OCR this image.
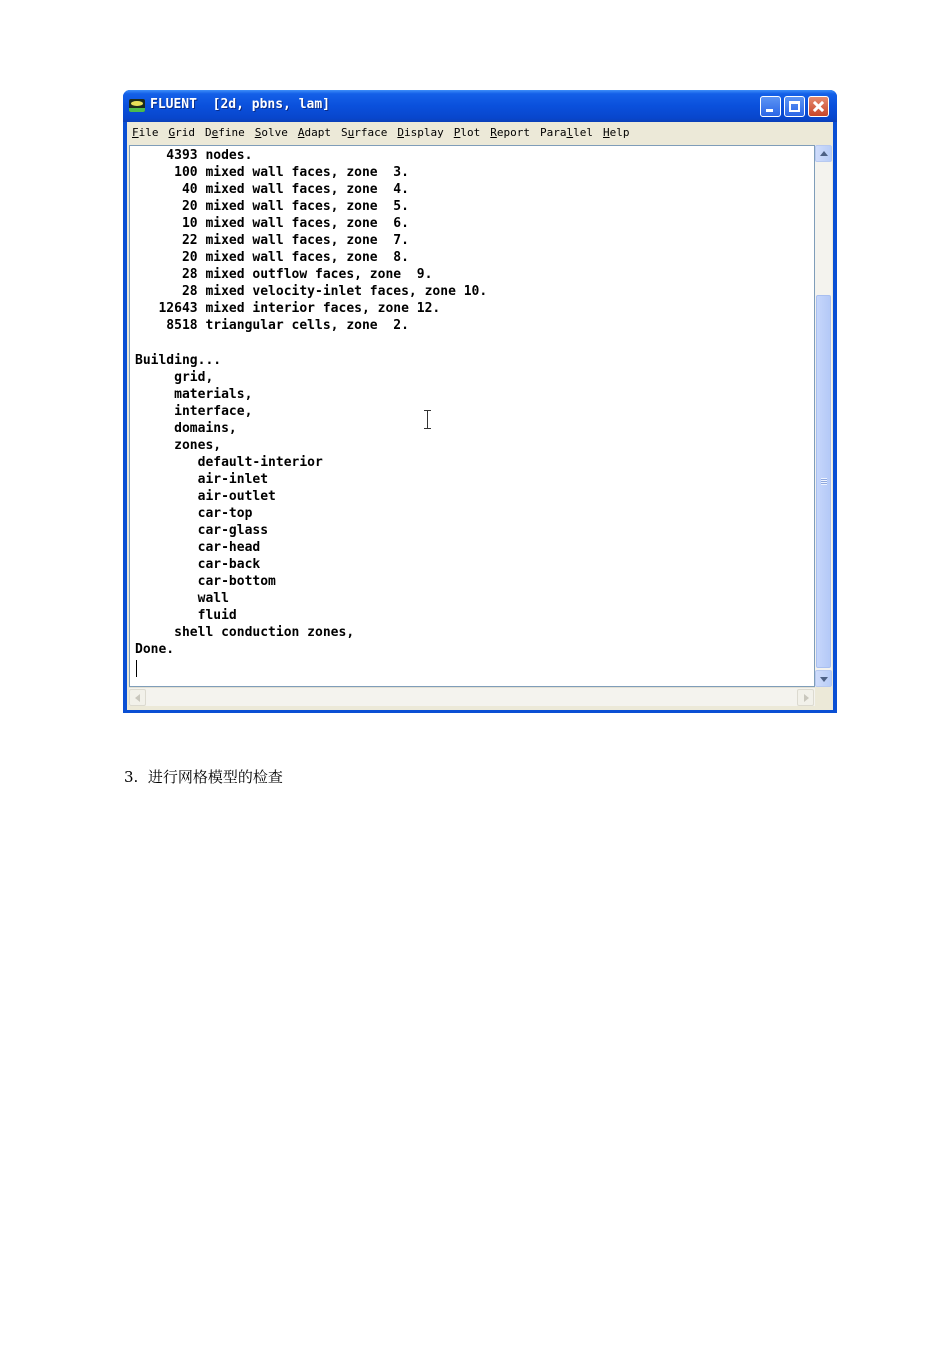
FLUENT  [2d, pbns, lam]
File Grid Define Solve Adapt Surface Display Plot Report Parallel Help
4393 nodes.
100 mixed wall faces, zone  3.
40 mixed wall faces, zone  4.
20 mixed wall faces, zone  5.
10 mixed wall faces, zone  6.
22 mixed wall faces, zone  7.
20 mixed wall faces, zone  8.
28 mixed outflow faces, zone  9.
28 mixed velocity-inlet faces, zone 10.
12643 mixed interior faces, zone 12.
8518 triangular cells, zone  2.
Building...
grid,
materials,
interface,
domains,
zones,
default-interior
air-inlet
air-outlet
car-top
car-glass
car-head
car-back
car-bottom
wall
fluid
shell conduction zones,
Done.
3.  进行网格模型的检查
